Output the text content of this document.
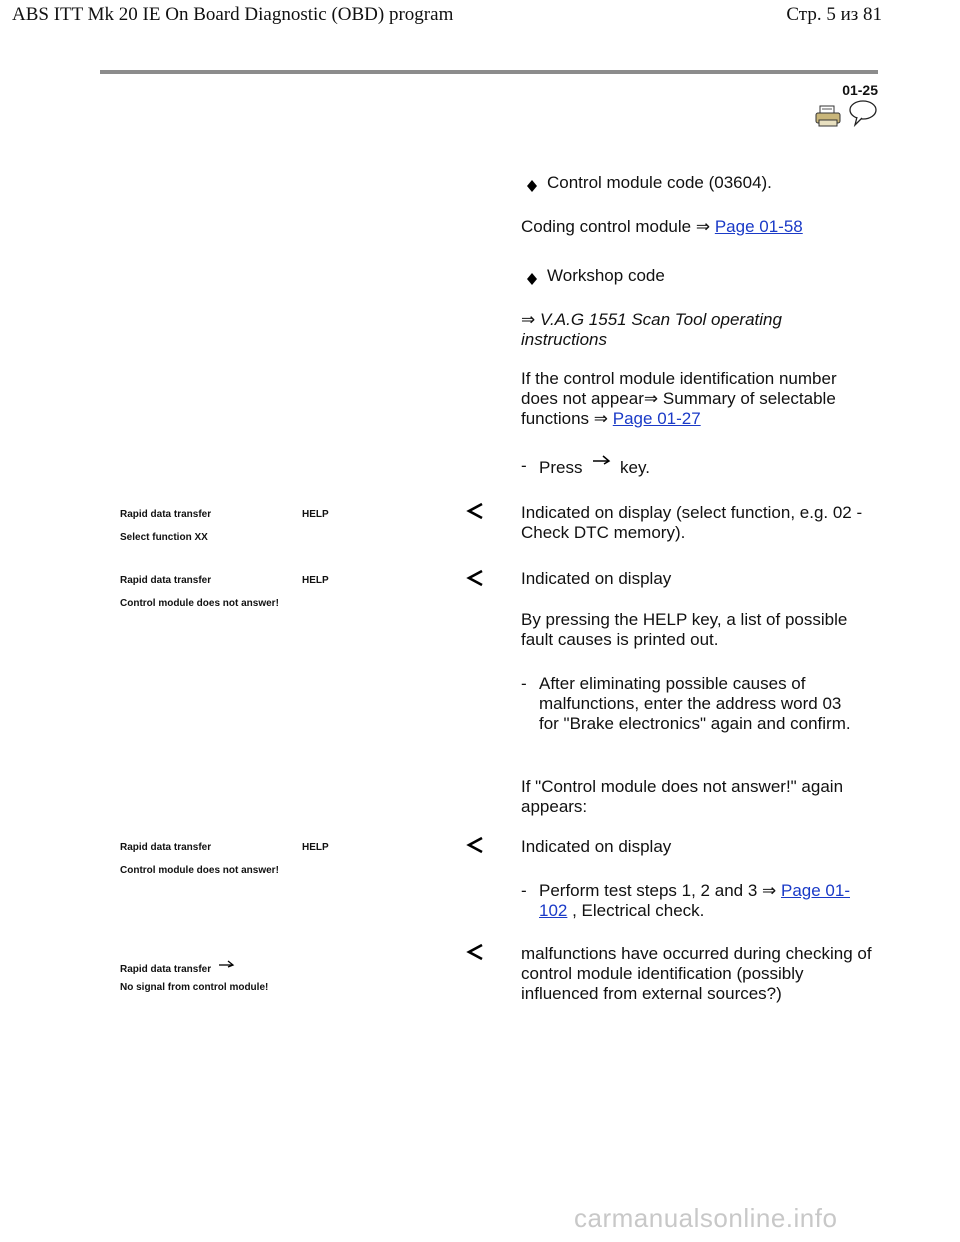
ABS ITT Mk 20 IE On Board Diagnostic (OBD) program	Стр. 5 из 81
01-25
Control module code (03604).
Coding control module ⇒ Page 01-58
Workshop code
⇒ V.A.G 1551 Scan Tool operating instructions
If the control module identification number does not appear⇒ Summary of selectable functions ⇒ Page 01-27
- Press key.
Rapid data transfer	HELP
Select function XX
Indicated on display (select function, e.g. 02 - Check DTC memory).
Rapid data transfer	HELP
Control module does not answer!
Indicated on display
By pressing the HELP key, a list of possible fault causes is printed out.
- After eliminating possible causes of malfunctions, enter the address word 03 for "Brake electronics" again and confirm.
If "Control module does not answer!" again appears:
Rapid data transfer	HELP
Control module does not answer!
Indicated on display
- Perform test steps 1, 2 and 3 ⇒ Page 01-102 , Electrical check.
Rapid data transfer
No signal from control module!
malfunctions have occurred during checking of control module identification (possibly influenced from external sources?)
carmanualsonline.info
